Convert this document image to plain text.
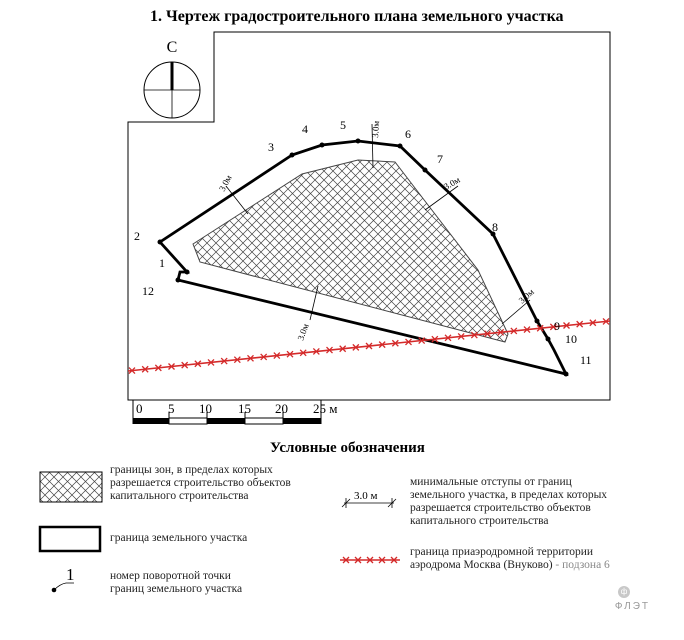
1. Чертеж градостроительного плана земельного участка
С
3.0м
3.0м
3.0м
3.0м
3.0м
1
2
3
4	5
6
7
8
9
10
11
12
0 5 10 15 20 25 м
1
3.0 м
Условные обозначения
границы зон, в пределах которых
разрешается строительство объектов
капитального строительства
граница земельного участка
номер поворотной точки
границ земельного участка
минимальные отступы от границ
земельного участка, в пределах которых
разрешается строительство объектов
капитального строительства
граница приаэродромной территории
аэродрома Москва (Внуково) - подзона 6
ф
ФЛЭТ
